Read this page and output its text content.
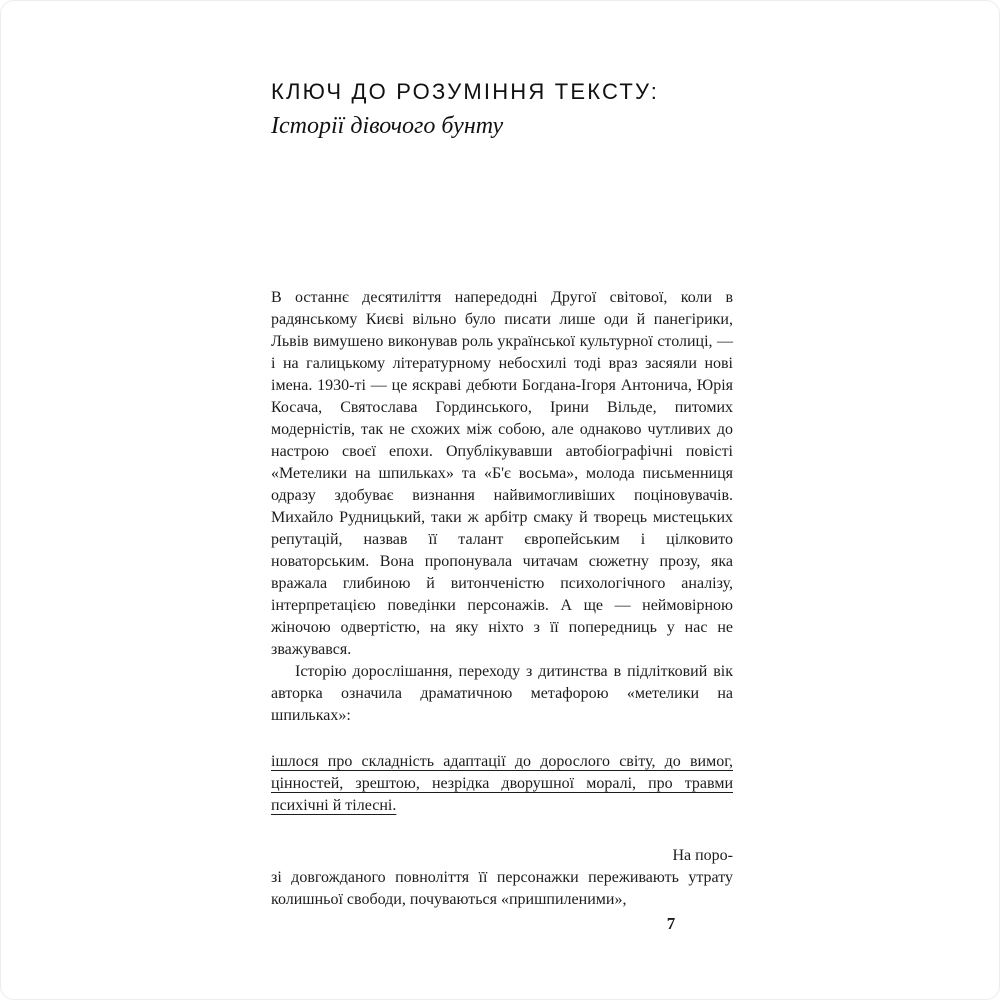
КЛЮЧ ДО РОЗУМІННЯ ТЕКСТУ:
Історії дівочого бунту

В останнє десятиліття напередодні Другої світової, коли в радянському Києві вільно було писати лише оди й панегірики, Львів вимушено виконував роль української культурної столиці, — і на галицькому літературному небосхилі тоді враз засяяли нові імена. 1930-ті — це яскраві дебюти Богдана-Ігоря Антонича, Юрія Косача, Святослава Гординського, Ірини Вільде, питомих модерністів, так не схожих між собою, але однаково чутливих до настрою своєї епохи. Опублікувавши автобіографічні повісті «Метелики на шпильках» та «Б'є восьма», молода письменниця одразу здобуває визнання найвимогливіших поціновувачів. Михайло Рудницький, таки ж арбітр смаку й творець мистецьких репутацій, назвав її талант європейським і цілковито новаторським. Вона пропонувала читачам сюжетну прозу, яка вражала глибиною й витонченістю психологічного аналізу, інтерпретацією поведінки персонажів. А ще — неймовірною жіночою одвертістю, на яку ніхто з її попередниць у нас не зважувався.

Історію дорослішання, переходу з дитинства в підлітковий вік авторка означила драматичною метафорою «метелики на шпильках»:

ішлося про складність адаптації до дорослого світу, до вимог, цінностей, зрештою, незрідка дворушної моралі, про травми психічні й тілесні.

На поро-

зі довгожданого повноліття її персонажки переживають утрату колишньої свободи, почуваються «пришпиленими»,

7
